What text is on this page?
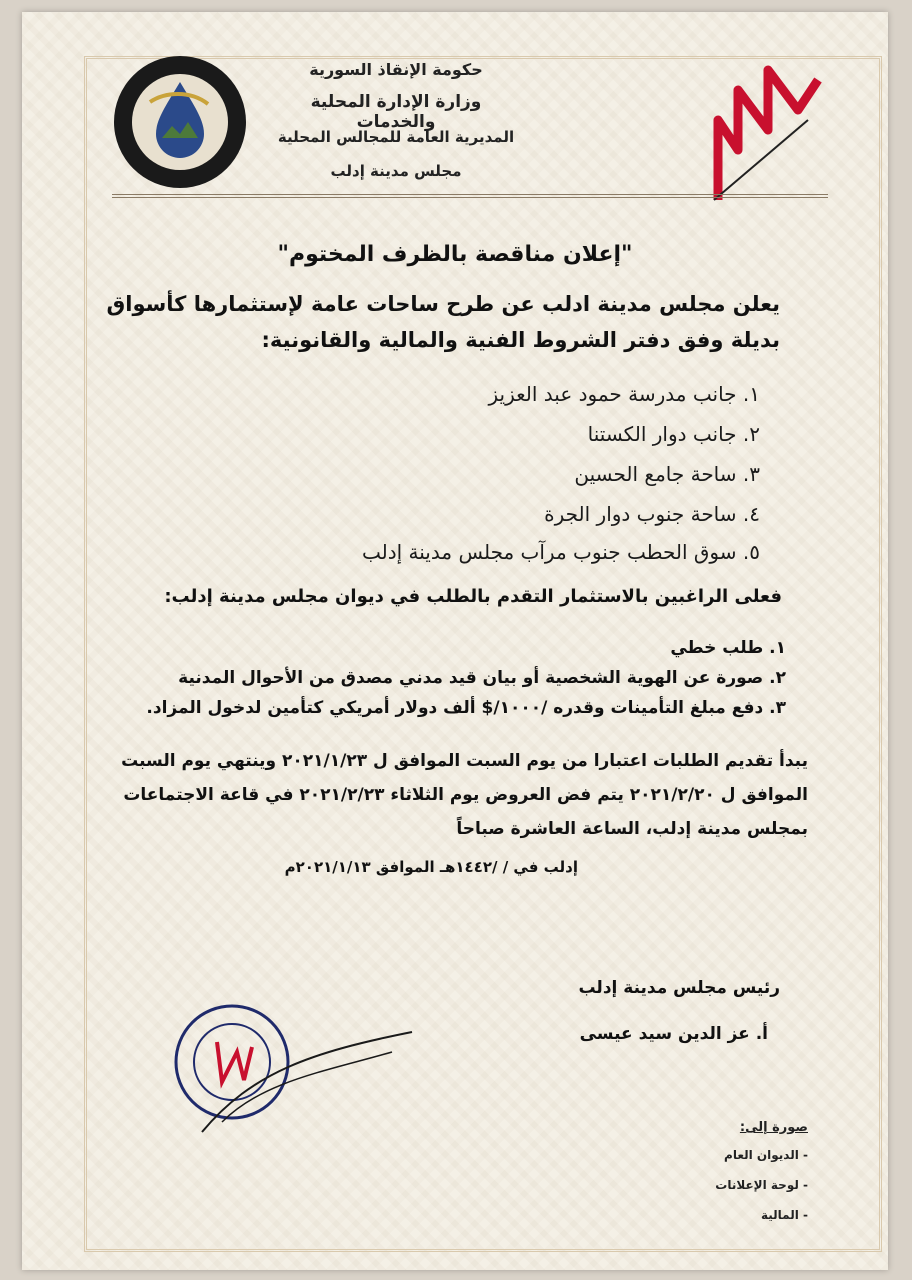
حكومة الإنقاذ السورية
وزارة الإدارة المحلية والخدمات
المديرية العامة للمجالس المحلية
مجلس مدينة إدلب
"إعلان مناقصة بالظرف المختوم"
يعلن مجلس مدينة ادلب عن طرح ساحات عامة لإستثمارها كأسواق بديلة وفق دفتر الشروط الفنية والمالية والقانونية:
١. جانب مدرسة حمود عبد العزيز
٢. جانب دوار الكستنا
٣. ساحة جامع الحسين
٤. ساحة جنوب دوار الجرة
٥. سوق الحطب جنوب مرآب مجلس مدينة إدلب
فعلى الراغبين بالاستثمار التقدم بالطلب في ديوان مجلس مدينة إدلب:
١. طلب خطي
٢. صورة عن الهوية الشخصية أو بيان قيد مدني مصدق من الأحوال المدنية
٣. دفع مبلغ التأمينات وقدره /١٠٠٠/$ ألف دولار أمريكي كتأمين لدخول المزاد.
يبدأ تقديم الطلبات اعتبارا من يوم السبت الموافق ل ٢٠٢١/١/٢٣ وينتهي يوم السبت الموافق ل ٢٠٢١/٢/٢٠ يتم فض العروض يوم الثلاثاء ٢٠٢١/٢/٢٣ في قاعة الاجتماعات بمجلس مدينة إدلب، الساعة العاشرة صباحاً
إدلب في / /١٤٤٢هـ الموافق ٢٠٢١/١/١٣م
رئيس مجلس مدينة إدلب
أ. عز الدين سيد عيسى
صورة إلى:
- الديوان العام
- لوحة الإعلانات
- المالية
